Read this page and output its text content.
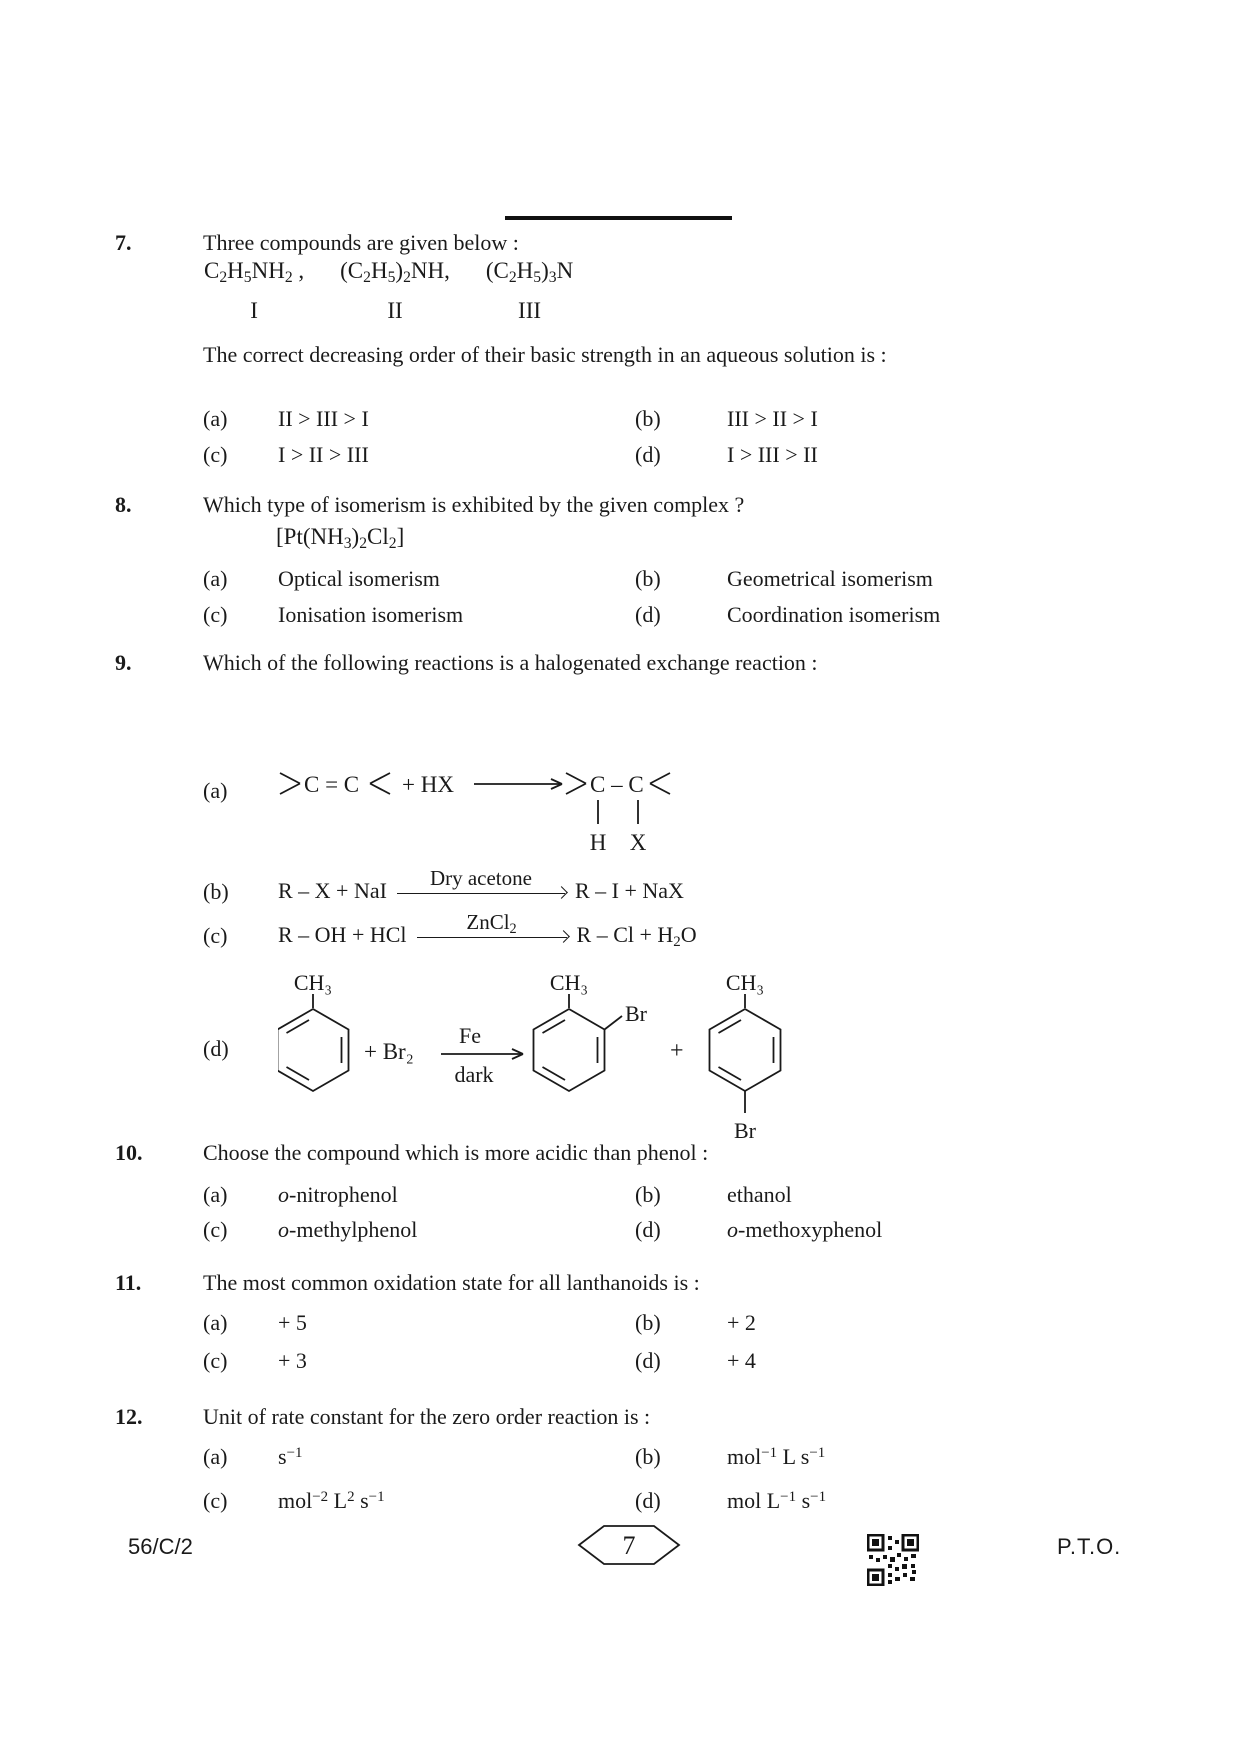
7.	Three compounds are given below :
$C_2H_5NH_2$ ,
I
$(C_2H_5)_2NH$,
II
$(C_2H_5)_3N$
III
The correct decreasing order of their basic strength in an aqueous solution is :
(a)	II > III > I	(b)	III > II > I
(c)	I > II > III	(d)	I > III > II
8.	Which type of isomerism is exhibited by the given complex ?
$[Pt(NH_3)_2Cl_2]$
(a)	Optical isomerism	(b)	Geometrical isomerism
(c)	Ionisation isomerism	(d)	Coordination isomerism
9.	Which of the following reactions is a halogenated exchange reaction :
(a)	C = C + HX	C – C
H X
(b)	R – X + NaI	Dry acetone	R – I + NaX
(c)	R – OH + HCl	ZnCl$_2$	$R - Cl + H_2O$
(d)
CH₃
+ Br₂
Fe
dark
CH₃
Br
+
CH₃
Br
10.	Choose the compound which is more acidic than phenol :
(a)	o-nitrophenol	(b)	ethanol
(c)	o-methylphenol	(d)	o-methoxyphenol
11.	The most common oxidation state for all lanthanoids is :
(a)	+ 5	(b)	+ 2
(c)	+ 3	(d)	+ 4
12.	Unit of rate constant for the zero order reaction is :
(a)	$s^{-1}$	(b)	mol$^{-1}$ L $s^{-1}$
(c)	mol$^{-2}$ $L^2$ $s^{-1}$	(d)	mol $L^{-1}$ $s^{-1}$
56/C/2	7	P.T.O.
